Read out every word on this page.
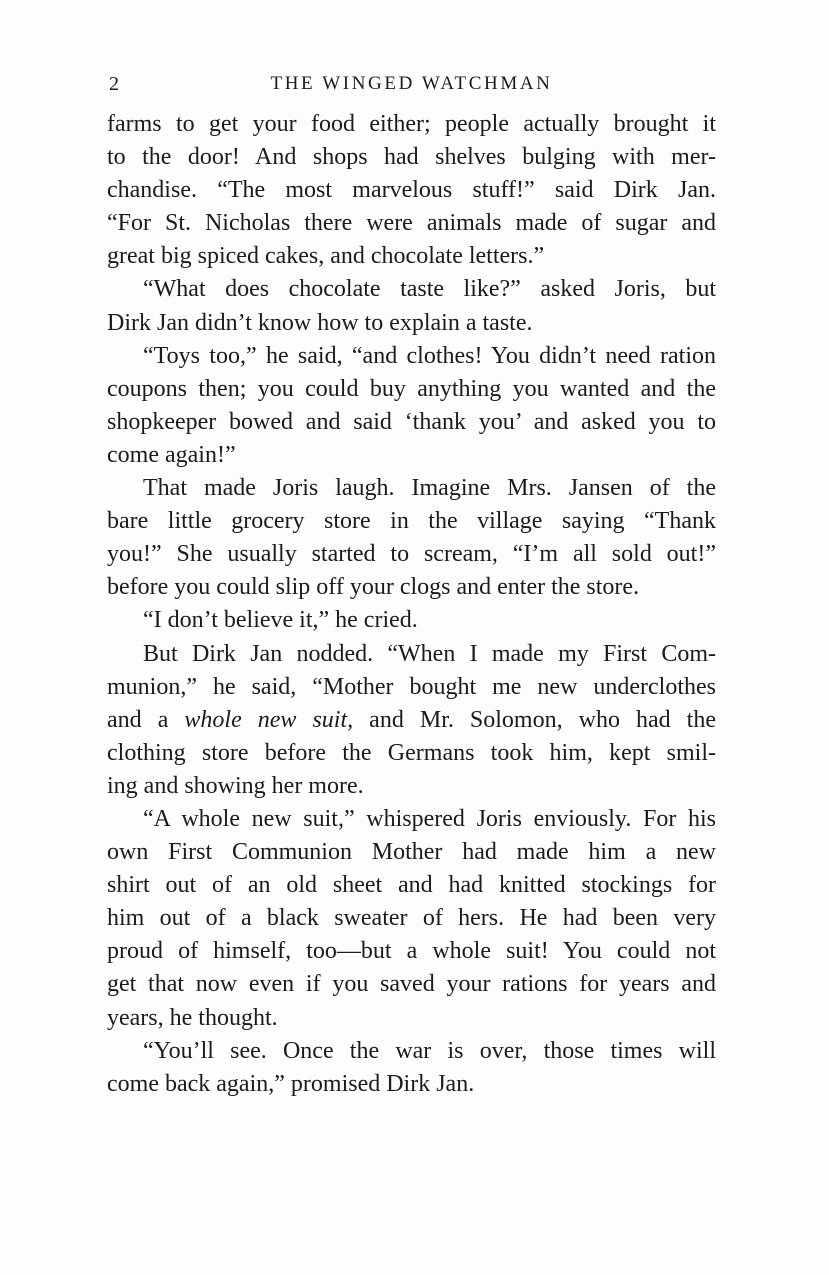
2	THE WINGED WATCHMAN
farms to get your food either; people actually brought it
to the door! And shops had shelves bulging with mer-
chandise. “The most marvelous stuff!” said Dirk Jan.
“For St. Nicholas there were animals made of sugar and
great big spiced cakes, and chocolate letters.”
“What does chocolate taste like?” asked Joris, but
Dirk Jan didn’t know how to explain a taste.
“Toys too,” he said, “and clothes! You didn’t need ration
coupons then; you could buy anything you wanted and the
shopkeeper bowed and said ‘thank you’ and asked you to
come again!”
That made Joris laugh. Imagine Mrs. Jansen of the
bare little grocery store in the village saying “Thank
you!” She usually started to scream, “I’m all sold out!”
before you could slip off your clogs and enter the store.
“I don’t believe it,” he cried.
But Dirk Jan nodded. “When I made my First Com-
munion,” he said, “Mother bought me new underclothes
and a whole new suit, and Mr. Solomon, who had the
clothing store before the Germans took him, kept smil-
ing and showing her more.
“A whole new suit,” whispered Joris enviously. For his
own First Communion Mother had made him a new
shirt out of an old sheet and had knitted stockings for
him out of a black sweater of hers. He had been very
proud of himself, too—but a whole suit! You could not
get that now even if you saved your rations for years and
years, he thought.
“You’ll see. Once the war is over, those times will
come back again,” promised Dirk Jan.
